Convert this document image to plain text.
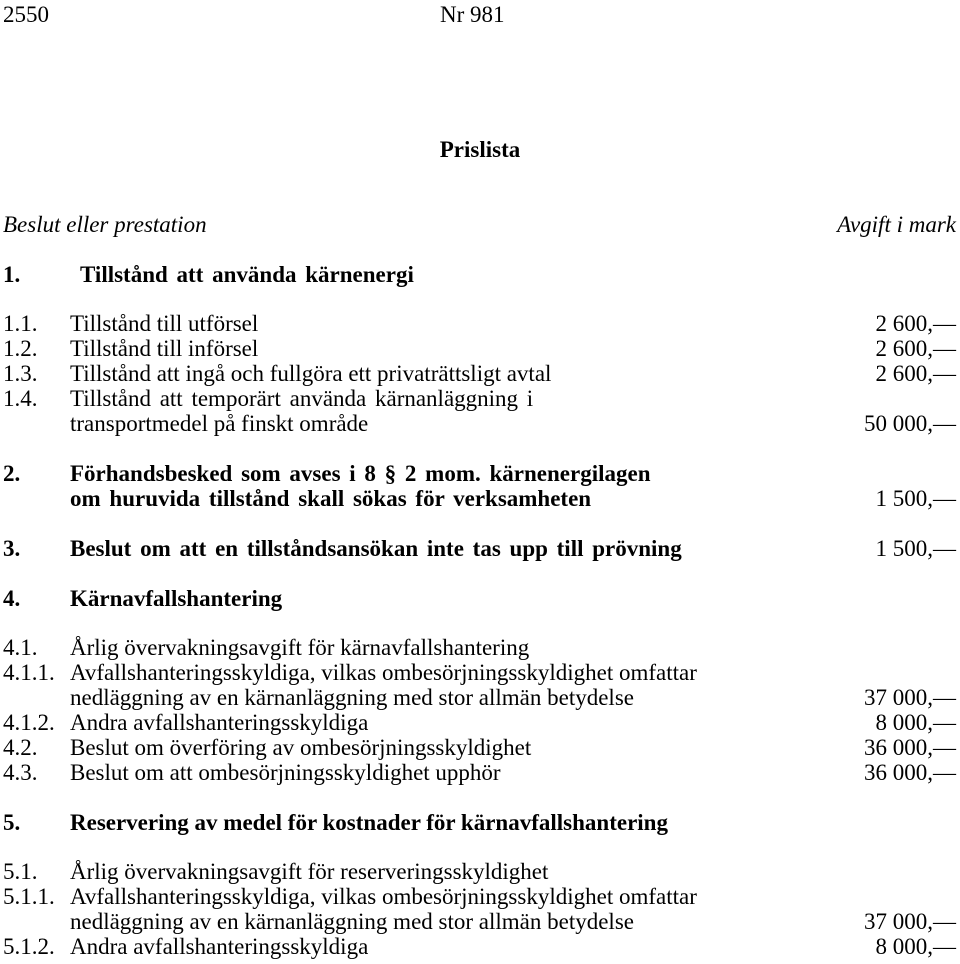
2550	Nr 981
Prislista
Beslut eller prestation	Avgift i mark
1.	Tillstånd att använda kärnenergi
1.1. Tillstånd till utförsel	2 600,—
1.2. Tillstånd till införsel	2 600,—
1.3. Tillstånd att ingå och fullgöra ett privaträttsligt avtal	2 600,—
1.4. Tillstånd att temporärt använda kärnanläggning i
transportmedel på finskt område	50 000,—
2. Förhandsbesked som avses i 8 § 2 mom. kärnenergilagen
om huruvida tillstånd skall sökas för verksamheten	1 500,—
3. Beslut om att en tillståndsansökan inte tas upp till prövning	1 500,—
4. Kärnavfallshantering
4.1. Årlig övervakningsavgift för kärnavfallshantering
4.1.1. Avfallshanteringsskyldiga, vilkas ombesörjningsskyldighet omfattar
nedläggning av en kärnanläggning med stor allmän betydelse	37 000,—
4.1.2. Andra avfallshanteringsskyldiga	8 000,—
4.2. Beslut om överföring av ombesörjningsskyldighet	36 000,—
4.3. Beslut om att ombesörjningsskyldighet upphör	36 000,—
5. Reservering av medel för kostnader för kärnavfallshantering
5.1. Årlig övervakningsavgift för reserveringsskyldighet
5.1.1. Avfallshanteringsskyldiga, vilkas ombesörjningsskyldighet omfattar
nedläggning av en kärnanläggning med stor allmän betydelse	37 000,—
5.1.2. Andra avfallshanteringsskyldiga	8 000,—
